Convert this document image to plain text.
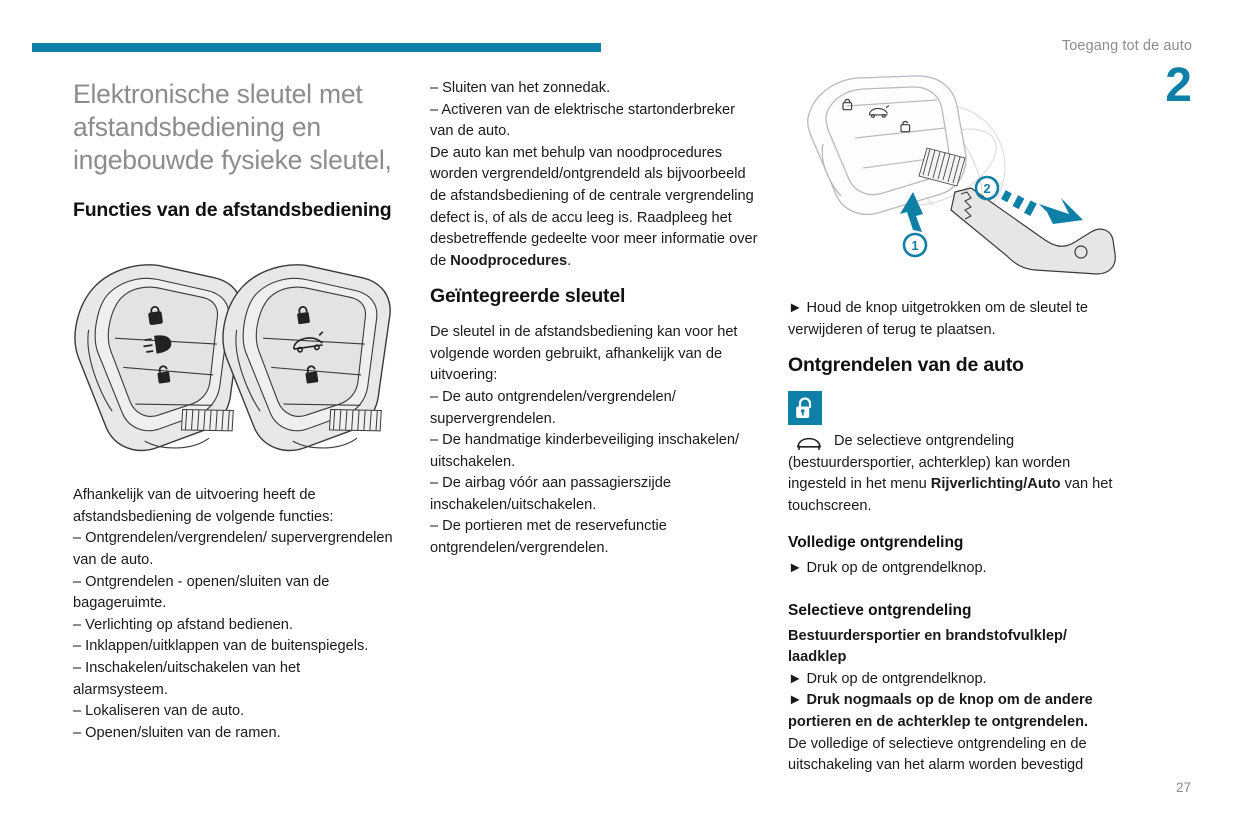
Toegang tot de auto
2
27
Elektronische sleutel met afstandsbediening en ingebouwde fysieke sleutel,
Functies van de afstandsbediening

Afhankelijk van de uitvoering heeft de afstandsbediening de volgende functies:

– Ontgrendelen/vergrendelen/ supervergrendelen van de auto.

– Ontgrendelen - openen/sluiten van de bagageruimte.

– Verlichting op afstand bedienen.

– Inklappen/uitklappen van de buitenspiegels.

– Inschakelen/uitschakelen van het alarmsysteem.

– Lokaliseren van de auto.

– Openen/sluiten van de ramen.

– Sluiten van het zonnedak.

– Activeren van de elektrische startonderbreker van de auto.

De auto kan met behulp van noodprocedures worden vergrendeld/ontgrendeld als bijvoorbeeld de afstandsbediening of de centrale vergrendeling defect is, of als de accu leeg is. Raadpleeg het desbetreffende gedeelte voor meer informatie over de Noodprocedures.

Geïntegreerde sleutel

De sleutel in de afstandsbediening kan voor het volgende worden gebruikt, afhankelijk van de uitvoering:

– De auto ontgrendelen/vergrendelen/ supervergrendelen.

– De handmatige kinderbeveiliging inschakelen/ uitschakelen.

– De airbag vóór aan passagierszijde inschakelen/uitschakelen.

– De portieren met de reservefunctie ontgrendelen/vergrendelen.

1
2

► Houd de knop uitgetrokken om de sleutel te verwijderen of terug te plaatsen.

Ontgrendelen van de auto

De selectieve ontgrendeling (bestuurdersportier, achterklep) kan worden ingesteld in het menu Rijverlichting/Auto van het touchscreen.

Volledige ontgrendeling

► Druk op de ontgrendelknop.

Selectieve ontgrendeling

Bestuurdersportier en brandstofvulklep/ laadklep

► Druk op de ontgrendelknop.

► Druk nogmaals op de knop om de andere portieren en de achterklep te ontgrendelen.

De volledige of selectieve ontgrendeling en de uitschakeling van het alarm worden bevestigd
